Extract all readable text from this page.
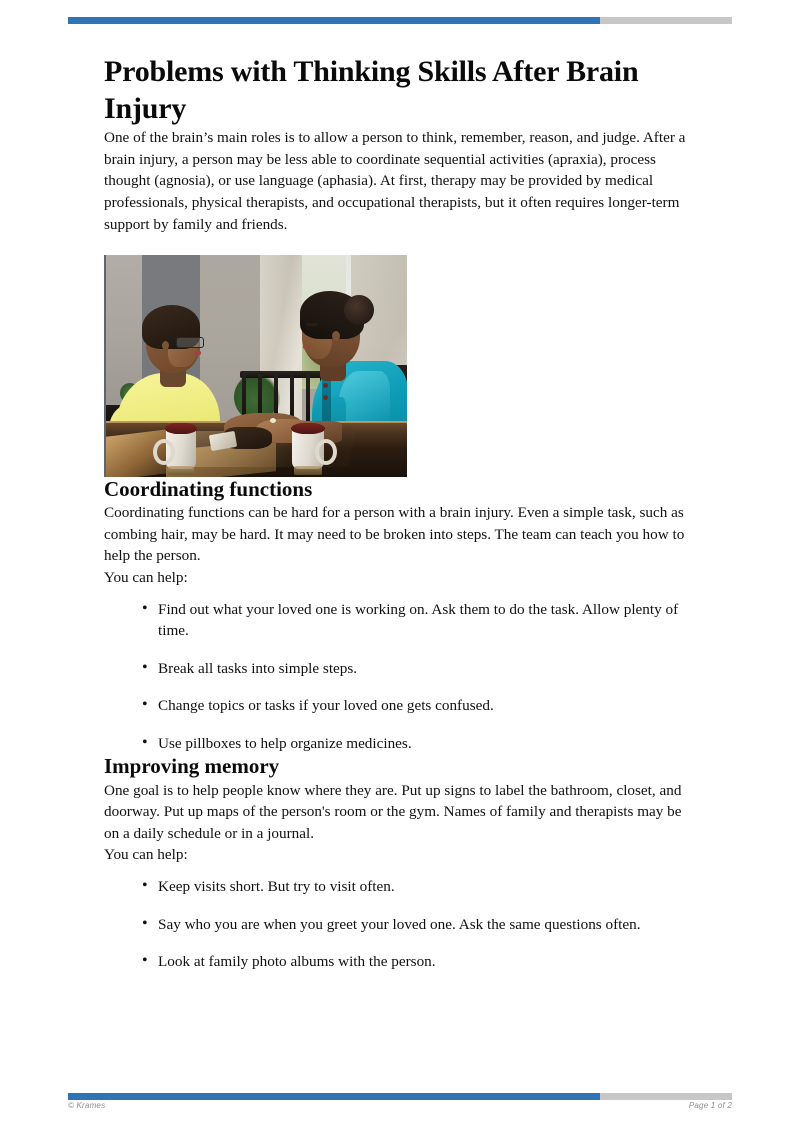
Problems with Thinking Skills After Brain Injury

One of the brain’s main roles is to allow a person to think, remember, reason, and judge. After a brain injury, a person may be less able to coordinate sequential activities (apraxia), process thought (agnosia), or use language (aphasia). At first, therapy may be provided by medical professionals, physical therapists, and occupational therapists, but it often requires longer-term support by family and friends.

Coordinating functions

Coordinating functions can be hard for a person with a brain injury. Even a simple task, such as combing hair, may be hard. It may need to be broken into steps. The team can teach you how to help the person.

You can help:

• Find out what your loved one is working on. Ask them to do the task. Allow plenty of time.
• Break all tasks into simple steps.
• Change topics or tasks if your loved one gets confused.
• Use pillboxes to help organize medicines.
Improving memory

One goal is to help people know where they are. Put up signs to label the bathroom, closet, and doorway. Put up maps of the person's room or the gym. Names of family and therapists may be on a daily schedule or in a journal.

You can help:

• Keep visits short. But try to visit often.
• Say who you are when you greet your loved one. Ask the same questions often.
• Look at family photo albums with the person.
© Krames	Page 1 of 2
